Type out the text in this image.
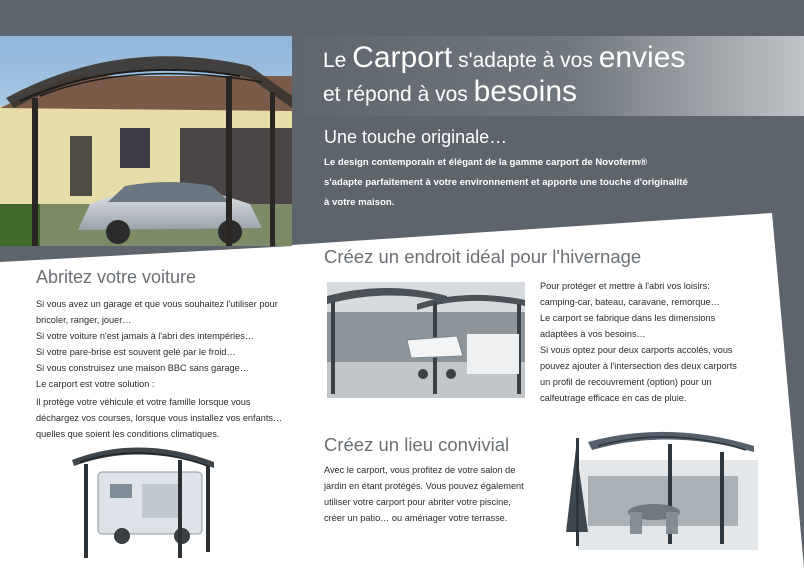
Le Carport s'adapte à vos envies
et répond à vos besoins
Une touche originale…
Le design contemporain et élégant de la gamme carport de Novoferm®
s'adapte parfaitement à votre environnement et apporte une touche d'originalité
à votre maison.
Abritez votre voiture
Si vous avez un garage et que vous souhaitez l'utiliser pour
bricoler, ranger, jouer…
Si votre voiture n'est jamais à l'abri des intempéries…
Si votre pare-brise est souvent gelé par le froid…
Si vous construisez une maison BBC sans garage…
Le carport est votre solution :
Il protège votre véhicule et votre famille lorsque vous
déchargez vos courses, lorsque vous installez vos enfants…
quelles que soient les conditions climatiques.
Créez un endroit idéal pour l'hivernage
Pour protéger et mettre à l'abri vos loisirs:
camping-car, bateau, caravane, remorque…
Le carport se fabrique dans les dimensions
adaptées à vos besoins…
Si vous optez pour deux carports accolés, vous
pouvez ajouter à l'intersection des deux carports
un profil de recouvrement (option) pour un
calfeutrage efficace en cas de pluie.
Créez un lieu convivial
Avec le carport, vous profitez de votre salon de
jardin en étant protégés. Vous pouvez également
utiliser votre carport pour abriter votre piscine,
créer un patio… ou aménager votre terrasse.
